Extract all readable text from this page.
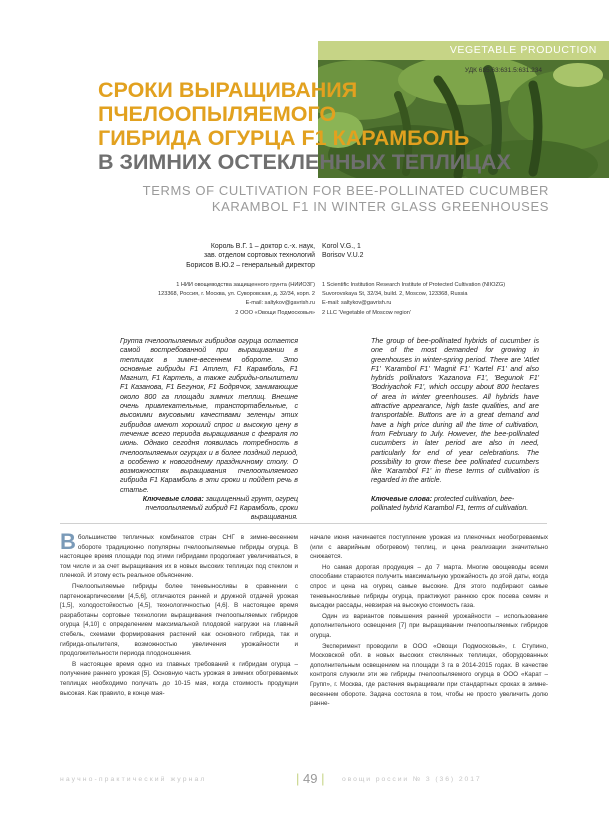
VEGETABLE PRODUCTION
УДК 635.63:631.5:631.234
СРОКИ ВЫРАЩИВАНИЯ
ПЧЕЛООПЫЛЯЕМОГО
ГИБРИДА ОГУРЦА F1 КАРАМБОЛЬ
В ЗИМНИХ ОСТЕКЛЕННЫХ ТЕПЛИЦАХ
TERMS OF CULTIVATION FOR BEE-POLLINATED CUCUMBER
KARAMBOL F1 IN WINTER GLASS GREENHOUSES
Король В.Г. 1 – доктор с.-х. наук,
зав. отделом сортовых технологий
Борисов В.Ю.2 – генеральный директор
1 НИИ овощеводства защищенного грунта (НИИОЗГ)
123368, Россия, г. Москва, ул. Суворовская, д. 32/34, корп. 2
E-mail: saltykov@gavrish.ru
2 ООО «Овощи Подмосковья»
Korol V.G., 1
Borisov V.U.2
1 Scientific Institution Research Institute of Protected Cultivation (NIIOZG)
Suvorovskaya St, 32/34, build. 2, Moscow, 123368, Russia
E-mail: saltykov@gavrish.ru
2 LLC 'Vegetable of Moscow region'
Группа пчелоопыляемых гибридов огурца остается самой востребованной при выращивании в теплицах в зимне-весеннем обороте. Это основные гибриды F1 Атлет, F1 Карамболь, F1 Магнит, F1 Картель, а также гибриды-опылители F1 Казанова, F1 Бегунок, F1 Бодрячок, занимающие около 800 га площади зимних теплиц. Внешне очень привлекательные, транспортабельные, с высокими вкусовыми качествами зеленцы этих гибридов имеют хороший спрос и высокую цену в течение всего периода выращивания с февраля по июнь. Однако сегодня появилась потребность в пчелоопыляемых огурцах и в более поздний период, а особенно к новогоднему праздничному столу. О возможностях выращивания пчелоопыляемого гибрида F1 Карамболь в эти сроки и пойдет речь в статье.
The group of bee-pollinated hybrids of cucumber is one of the most demanded for growing in greenhouses in winter-spring period. There are 'Atlet F1' 'Karambol F1' 'Magnit F1' 'Kartel F1' and also hybrids pollinators 'Kazanova F1', 'Begunok F1' 'Bodriyachok F1', which occupy about 800 hectares of area in winter greenhouses. All hybrids have attractive appearance, high taste qualities, and are transportable. Buttons are in a great demand and have a high price during all the time of cultivation, from February to July. However, the bee-pollinated cucumbers in later period are also in need, particularly for end of year celebrations. The possibility to grow these bee pollinated cucumbers like 'Karambol F1' in these terms of cultivation is regarded in the article.
Ключевые слова: защищенный грунт, огурец пчелоопыляемый гибрид F1 Карамболь, сроки выращивания.
Ключевые слова: protected cultivation, bee-pollinated hybrid Karambol F1, terms of cultivation.

Вбольшинстве тепличных комбинатов стран СНГ в зимне-весеннем обороте традиционно популярны пчелоопыляемые гибриды огурца. В настоящее время площади под этими гибридами продолжает увеличиваться, в том числе и за счет выращивания их в новых высоких теплицах под стеклом и пленкой. И этому есть реальное объяснение.

Пчелоопыляемые гибриды более теневыносливы в сравнении с партенокарпическими [4,5,6], отличаются ранней и дружной отдачей урожая [1,5], холодостойкостью [4,5], технологичностью [4,6]. В настоящее время разработаны сортовые технологии выращивания пчелоопыляемых гибридов огурца [4,10] с определением максимальной плодовой нагрузки на главный стебель, схемами формирования растений как основного гибрида, так и гибрида-опылителя, возможностью увеличения урожайности и продолжительности периода плодоношения.

В настоящее время одно из главных требований к гибридам огурца – получение раннего урожая [5]. Основную часть урожая в зимних обогреваемых теплицах необходимо получать до 10-15 мая, когда стоимость продукции высокая. Как правило, в конце мая-

начале июня начинается поступление урожая из пленочных необогреваемых (или с аварийным обогревом) теплиц, и цена реализации значительно снижается.

Но самая дорогая продукция – до 7 марта. Многие овощеводы всеми способами стараются получить максимальную урожайность до этой даты, когда спрос и цена на огурец самые высокие. Для этого подбирают самые теневыносливые гибриды огурца, практикуют раннюю срок посева семян и высадки рассады, невзирая на высокую стоимость газа.

Один из вариантов повышения ранней урожайности – использование дополнительного освещения [7] при выращивании пчелоопыляемых гибридов огурца.

Эксперимент проводили в ООО «Овощи Подмосковья», г. Ступино, Московской обл. в новых высоких стеклянных теплицах, оборудованных дополнительным освещением на площади 3 га в 2014-2015 годах. В качестве контроля служили эти же гибриды пчелоопыляемого огурца в ООО «Карат – Групп», г. Москва, где растения выращивали при стандартных сроках в зимне-весеннем обороте. Задача состояла в том, чтобы не просто увеличить долю ранне-

научно-практический журнал	| 49 |	овощи россии № 3 (36) 2017
